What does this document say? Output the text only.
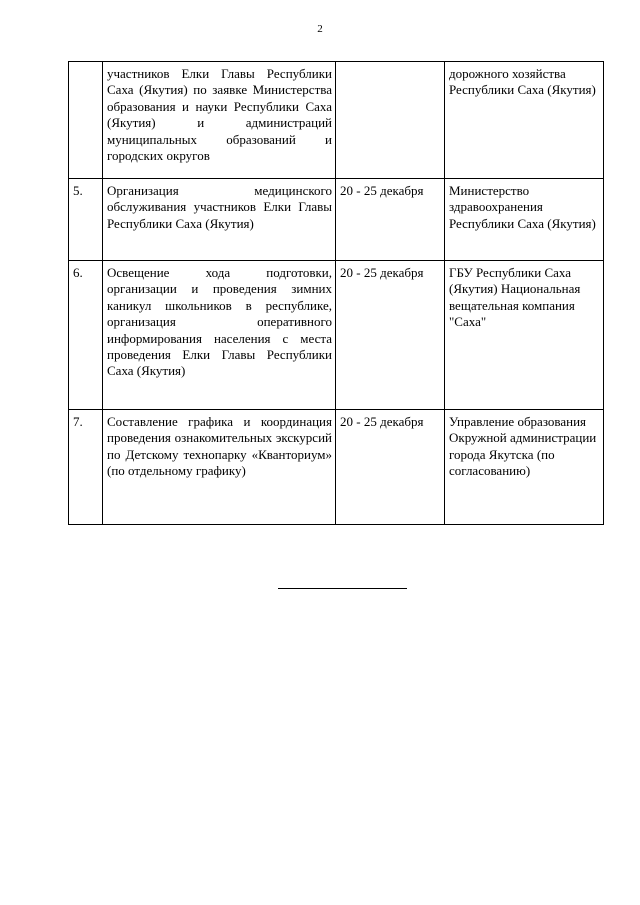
2
	участников Елки Главы Республики Саха (Якутия) по заявке Министерства образования и науки Республики Саха (Якутия) и администраций муниципальных образований и городских округов		дорожного хозяйства Республики Саха (Якутия)
5.	Организация медицинского обслуживания участников Елки Главы Республики Саха (Якутия)	20 - 25 декабря	Министерство здравоохранения Республики Саха (Якутия)
6.	Освещение хода подготовки, организации и проведения зимних каникул школьников в республике, организация оперативного информирования населения с места проведения Елки Главы Республики Саха (Якутия)	20 - 25 декабря	ГБУ Республики Саха (Якутия) Национальная вещательная компания "Саха"
7.	Составление графика и координация проведения ознакомительных экскурсий по Детскому технопарку «Кванториум» (по отдельному графику)	20 - 25 декабря	Управление образования Окружной администрации города Якутска (по согласованию)
